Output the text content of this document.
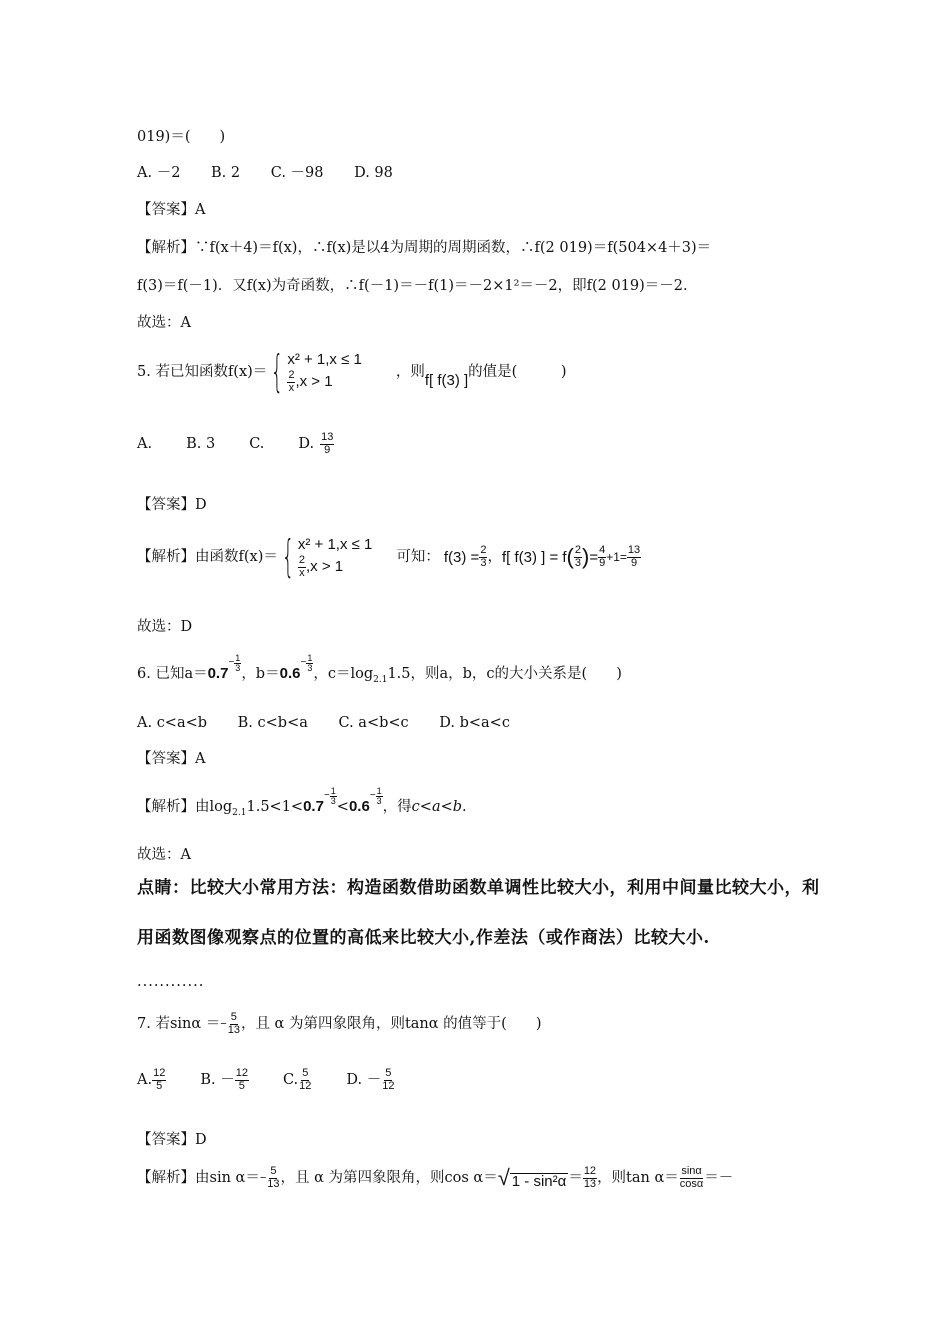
019)＝(　　)
A. －2 B. 2 C. －98 D. 98
【答案】A
【解析】∵f(x＋4)＝f(x)，∴f(x)是以4为周期的周期函数，∴f(2 019)＝f(504×4＋3)＝
f(3)＝f(－1)．又f(x)为奇函数，∴f(－1)＝－f(1)＝－2×1²＝－2，即f(2 019)＝－2.
故选：A
5. 若已知函数f(x)＝ { x² + 1,x ≤ 1
$\frac{2}{x} ,x > 1$
，则 f[ f(3) ] 的值是(　　　)
A. B. 3 C. D. $\frac{13}{9}$
【答案】D
【解析】由函数f(x)＝ { x² + 1,x ≤ 1
$\frac{2}{x} ,x > 1$
可知： $f(3) = \frac{2}{3}$ ， f[ f(3) ] = f ( $\frac{2}{3}$ ) = $\frac{4}{9} +1= \frac{13}{9}$
故选：D
6. 已知$a=0.7^- \frac{1}{3}$
，$b=0.6^- \frac{1}{3}$
，$c=\log_{2.1}1.5$，则a，b，c的大小关系是(　　)
A. c<a<b B. c<b<a C. a<b<c D. b<a<c
【答案】A
【解析】由$\log_{2.1}1.5<1<0.7^- \frac{1}{3}$
$<0.6^- \frac{1}{3}$
，得c<a<b.
故选：A
点睛：比较大小常用方法：构造函数借助函数单调性比较大小，利用中间量比较大小，利
用函数图像观察点的位置的高低来比较大小,作差法（或作商法）比较大小.
............
7. 若sinα ＝ − $\frac{5}{13}$ ，且 α 为第四象限角，则tanα 的值等于(　　)
A. $\frac{12}{5} B$. － $\frac{12}{5} C$. $\frac{5}{12} D$. － $\frac{5}{12}$
【答案】D
【解析】由$\sin \alpha= - \frac{5}{13}$ ，且 α 为第四象限角，则cos α＝ √ $1 - \sin^2\alpha = \frac{12}{13}$ ，则$\tan \alpha= \frac{\sin\alpha}{\cos\alpha}$ ＝－
